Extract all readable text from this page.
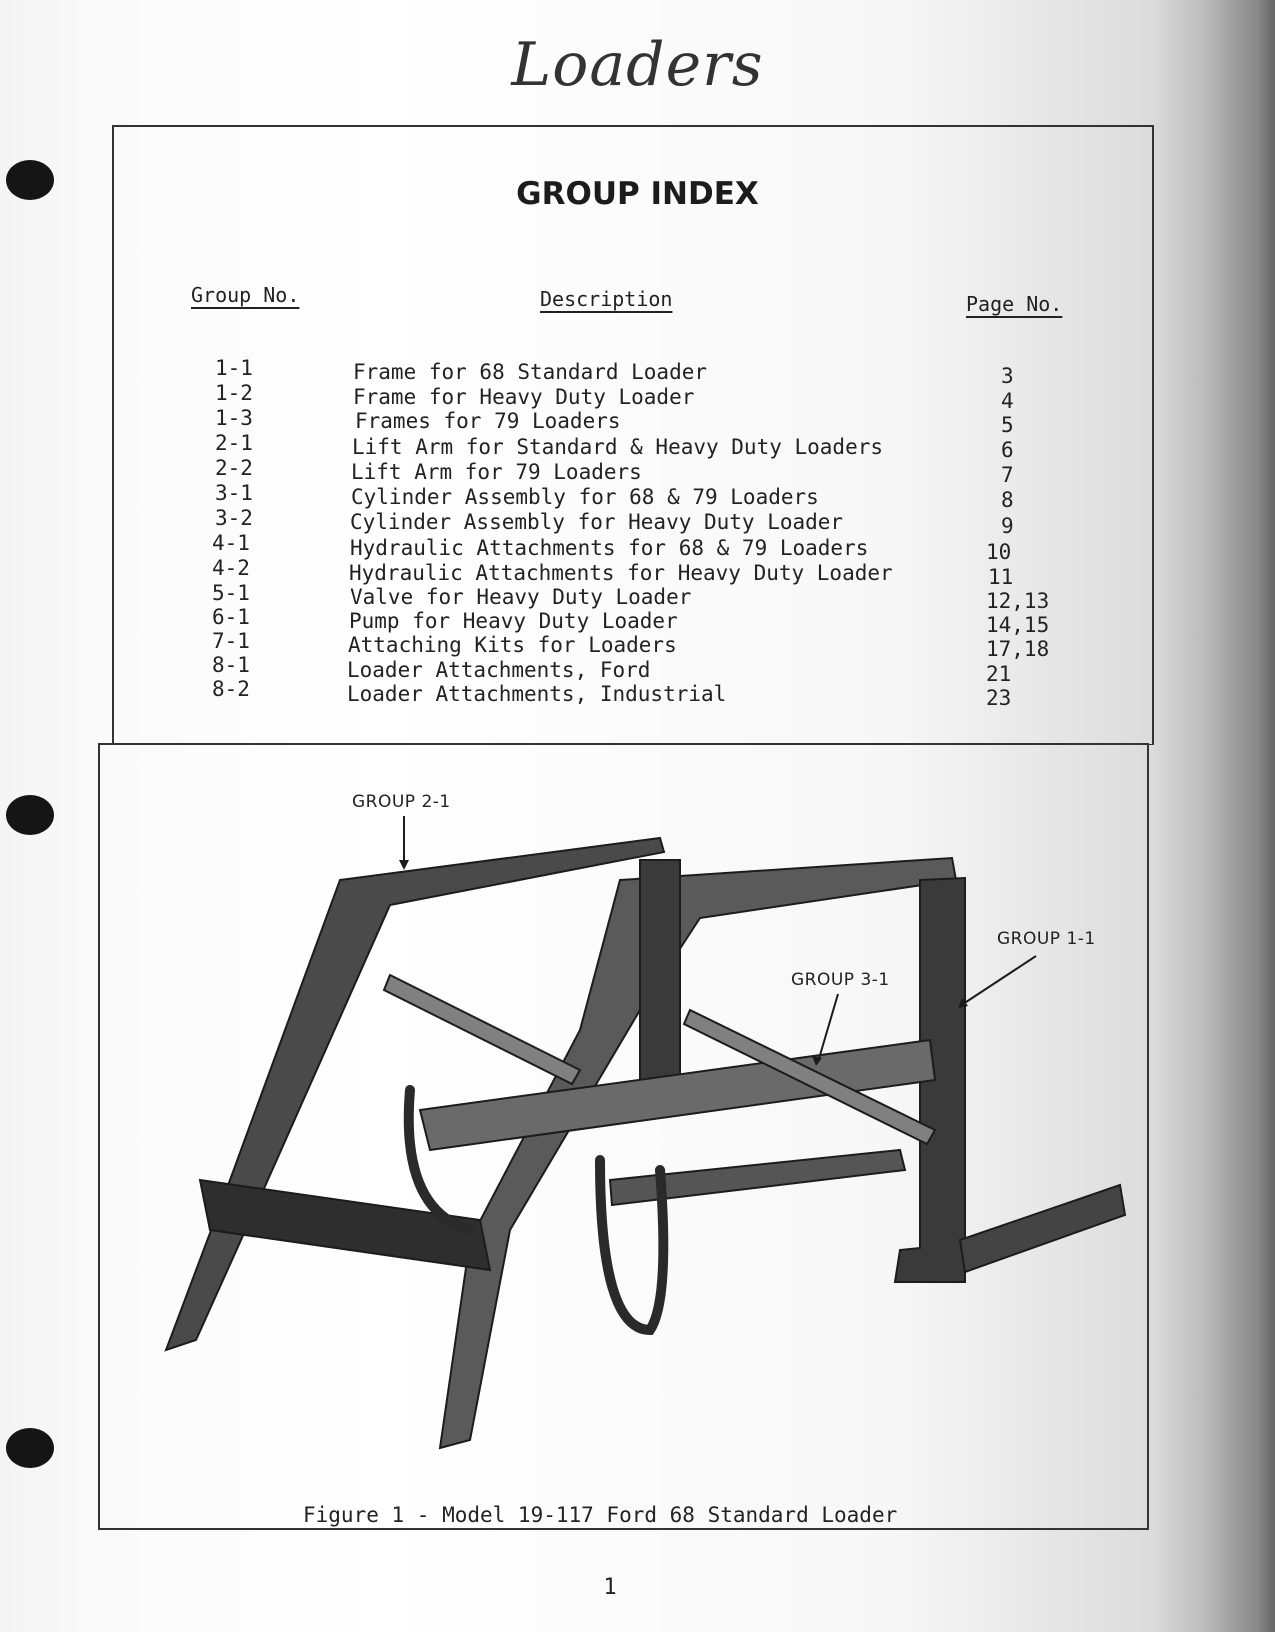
Loaders
GROUP INDEX
Group No.	Description	Page No.
1-1	Frame for 68 Standard Loader	3
1-2	Frame for Heavy Duty Loader	4
1-3	Frames for 79 Loaders	5
2-1	Lift Arm for Standard & Heavy Duty Loaders	6
2-2	Lift Arm for 79 Loaders	7
3-1	Cylinder Assembly for 68 & 79 Loaders	8
3-2	Cylinder Assembly for Heavy Duty Loader	9
4-1	Hydraulic Attachments for 68 & 79 Loaders	10
4-2	Hydraulic Attachments for Heavy Duty Loader	11
5-1	Valve for Heavy Duty Loader	12,13
6-1	Pump for Heavy Duty Loader	14,15
7-1	Attaching Kits for Loaders	17,18
8-1	Loader Attachments, Ford	21
8-2	Loader Attachments, Industrial	23
GROUP 2-1
GROUP 1-1
GROUP 3-1
Figure 1 - Model 19-117 Ford 68 Standard Loader
1
